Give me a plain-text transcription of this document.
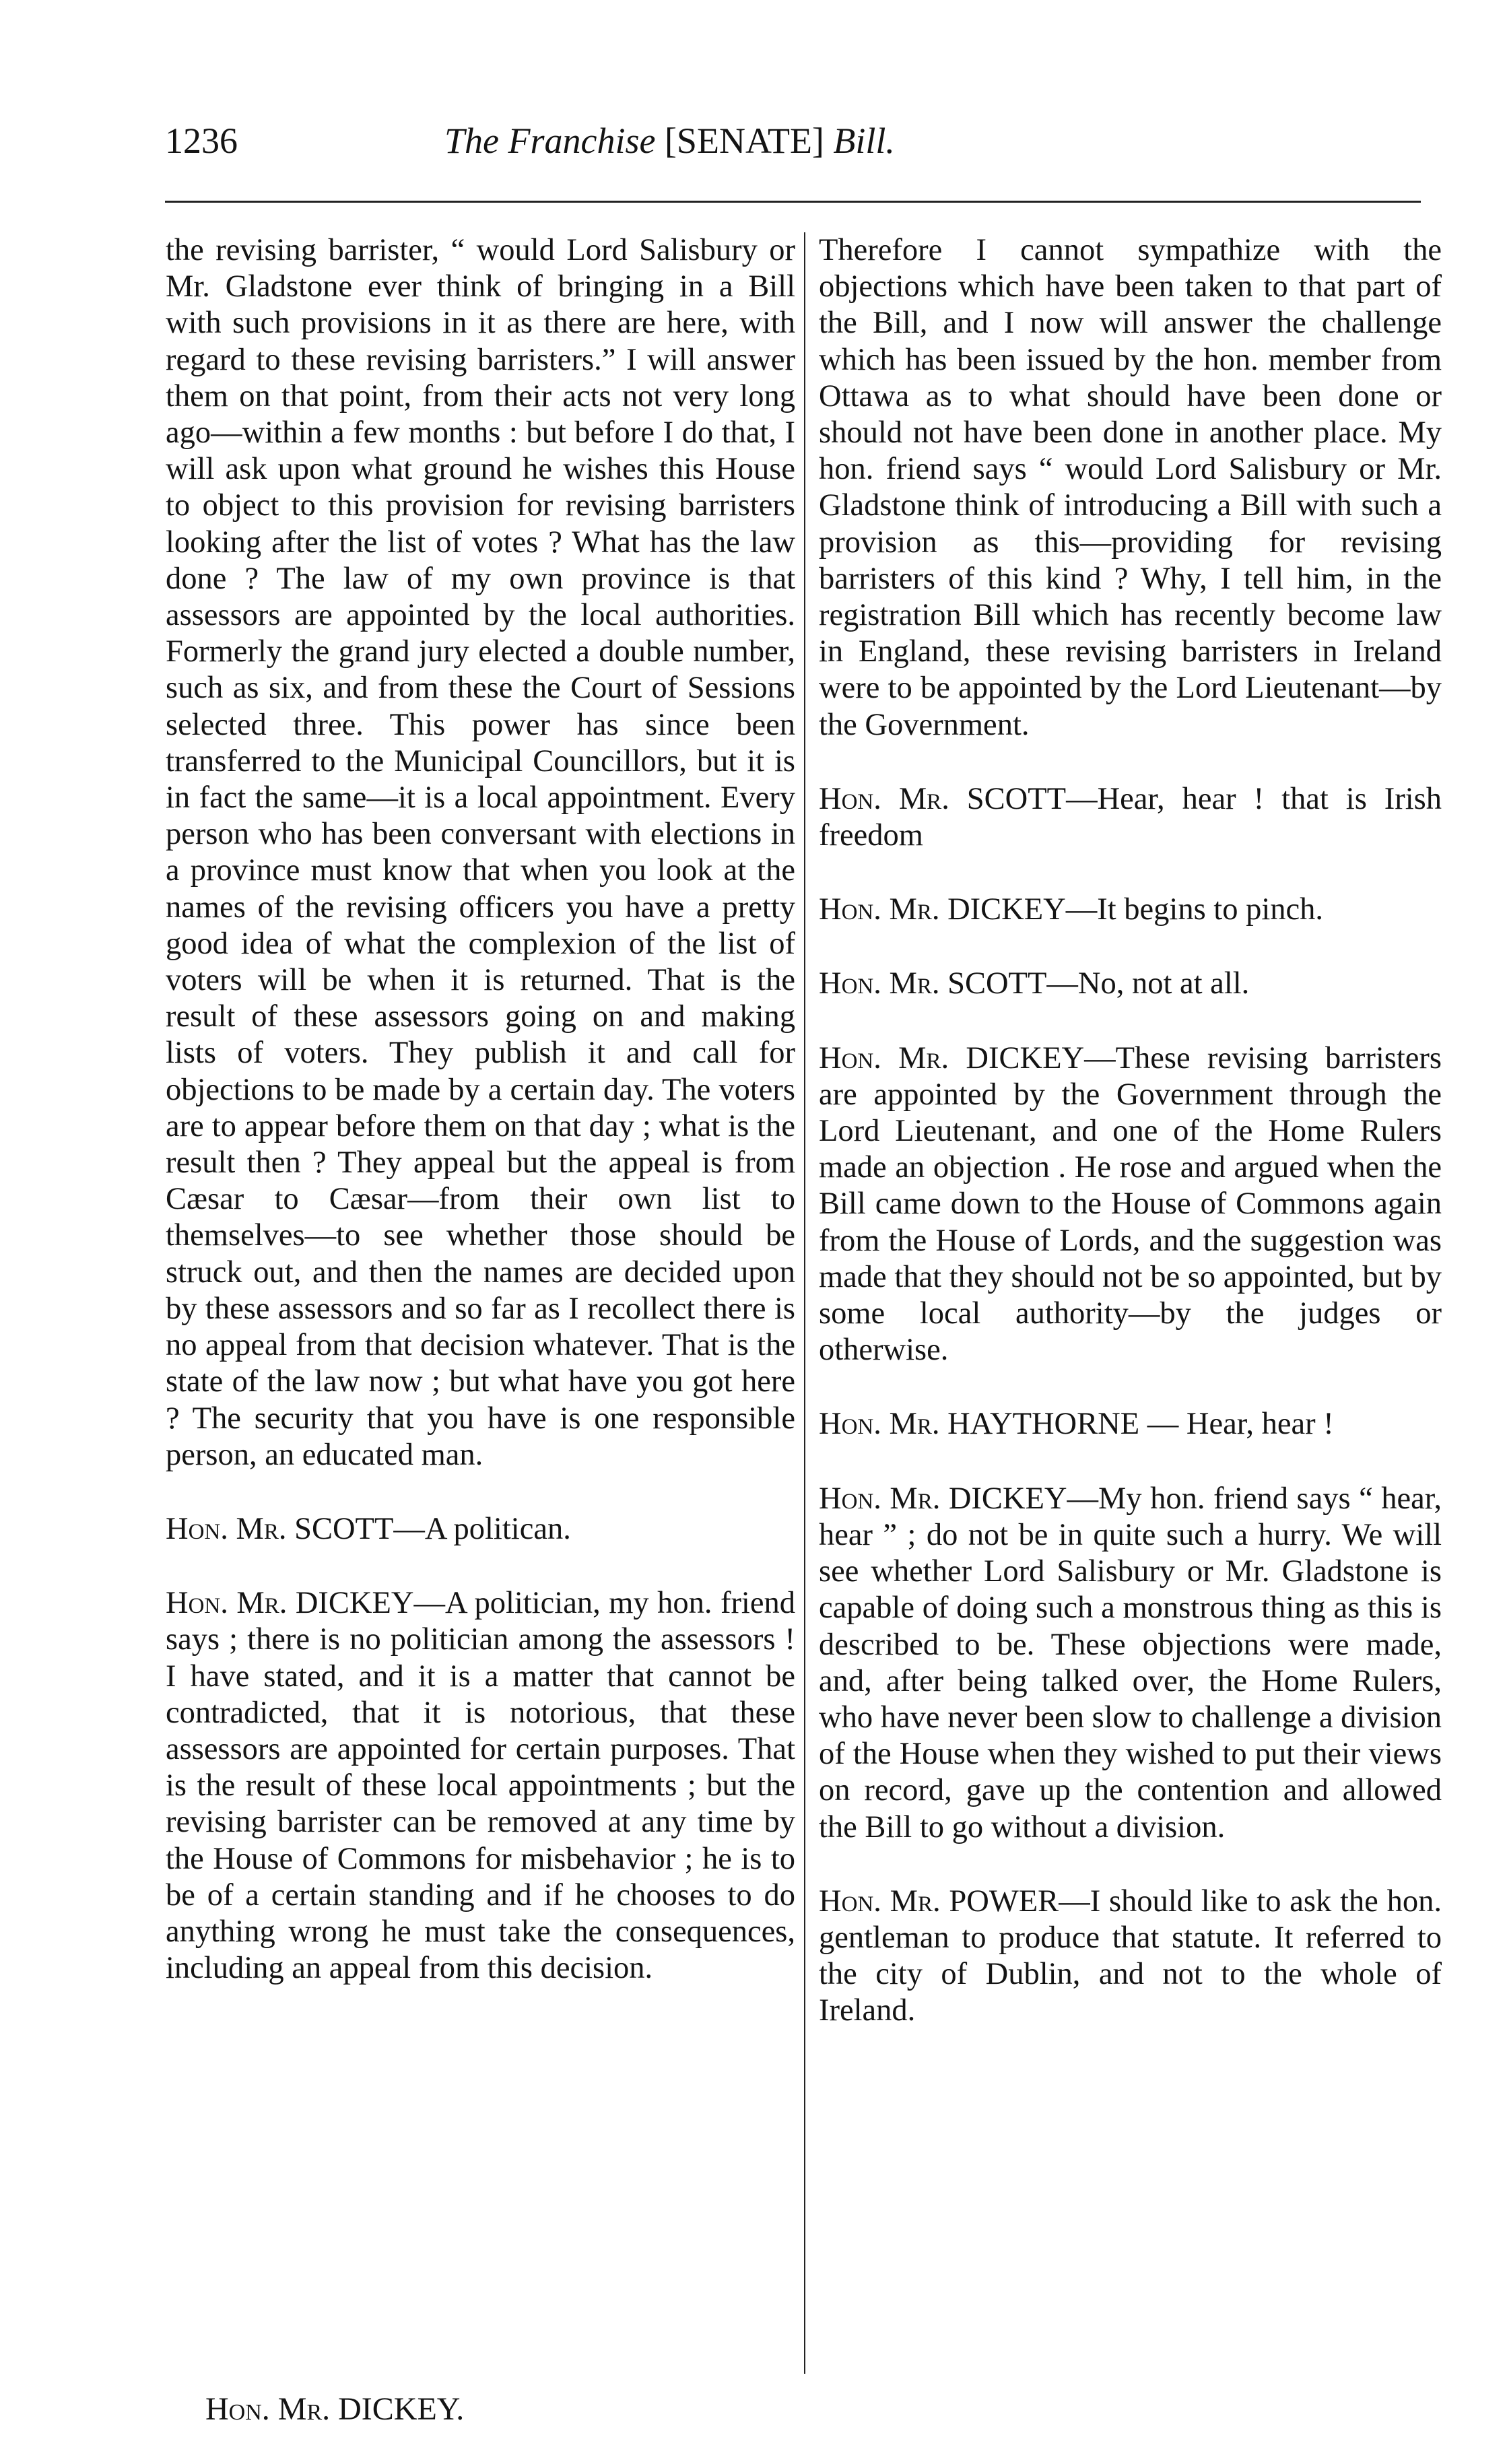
1236	The Franchise [SENATE] Bill.

the revising barrister, “ would Lord Salisbury or Mr. Gladstone ever think of bringing in a Bill with such provisions in it as there are here, with regard to these revising barristers.” I will answer them on that point, from their acts not very long ago—within a few months : but before I do that, I will ask upon what ground he wishes this House to object to this provision for revising barristers looking after the list of votes ? What has the law done ? The law of my own province is that assessors are appointed by the local authorities. Formerly the grand jury elected a double number, such as six, and from these the Court of Sessions selected three. This power has since been transferred to the Municipal Councillors, but it is in fact the same—it is a local appointment. Every person who has been conversant with elections in a province must know that when you look at the names of the revising officers you have a pretty good idea of what the complexion of the list of voters will be when it is returned. That is the result of these assessors going on and making lists of voters. They publish it and call for objections to be made by a certain day. The voters are to appear before them on that day ; what is the result then ? They appeal but the appeal is from Cæsar to Cæsar—from their own list to themselves—to see whether those should be struck out, and then the names are decided upon by these assessors and so far as I recollect there is no appeal from that decision whatever. That is the state of the law now ; but what have you got here ? The security that you have is one responsible person, an educated man.

Hon. Mr. SCOTT—A politican.

Hon. Mr. DICKEY—A politician, my hon. friend says ; there is no politician among the assessors ! I have stated, and it is a matter that cannot be contradicted, that it is notorious, that these assessors are appointed for certain purposes. That is the result of these local appointments ; but the revising barrister can be removed at any time by the House of Commons for misbehavior ; he is to be of a certain standing and if he chooses to do anything wrong he must take the consequences, including an appeal from this decision.

Therefore I cannot sympathize with the objections which have been taken to that part of the Bill, and I now will answer the challenge which has been issued by the hon. member from Ottawa as to what should have been done or should not have been done in another place. My hon. friend says “ would Lord Salisbury or Mr. Gladstone think of introducing a Bill with such a provision as this—providing for revising barristers of this kind ? Why, I tell him, in the registration Bill which has recently become law in England, these revising barristers in Ireland were to be appointed by the Lord Lieutenant—by the Government.

Hon. Mr. SCOTT—Hear, hear ! that is Irish freedom

Hon. Mr. DICKEY—It begins to pinch.

Hon. Mr. SCOTT—No, not at all.

Hon. Mr. DICKEY—These revising barristers are appointed by the Government through the Lord Lieutenant, and one of the Home Rulers made an objection . He rose and argued when the Bill came down to the House of Commons again from the House of Lords, and the suggestion was made that they should not be so appointed, but by some local authority—by the judges or otherwise.

Hon. Mr. HAYTHORNE — Hear, hear !

Hon. Mr. DICKEY—My hon. friend says “ hear, hear ” ; do not be in quite such a hurry. We will see whether Lord Salisbury or Mr. Gladstone is capable of doing such a monstrous thing as this is described to be. These objections were made, and, after being talked over, the Home Rulers, who have never been slow to challenge a division of the House when they wished to put their views on record, gave up the contention and allowed the Bill to go without a division.

Hon. Mr. POWER—I should like to ask the hon. gentleman to produce that statute. It referred to the city of Dublin, and not to the whole of Ireland.

Hon. Mr. DICKEY.
